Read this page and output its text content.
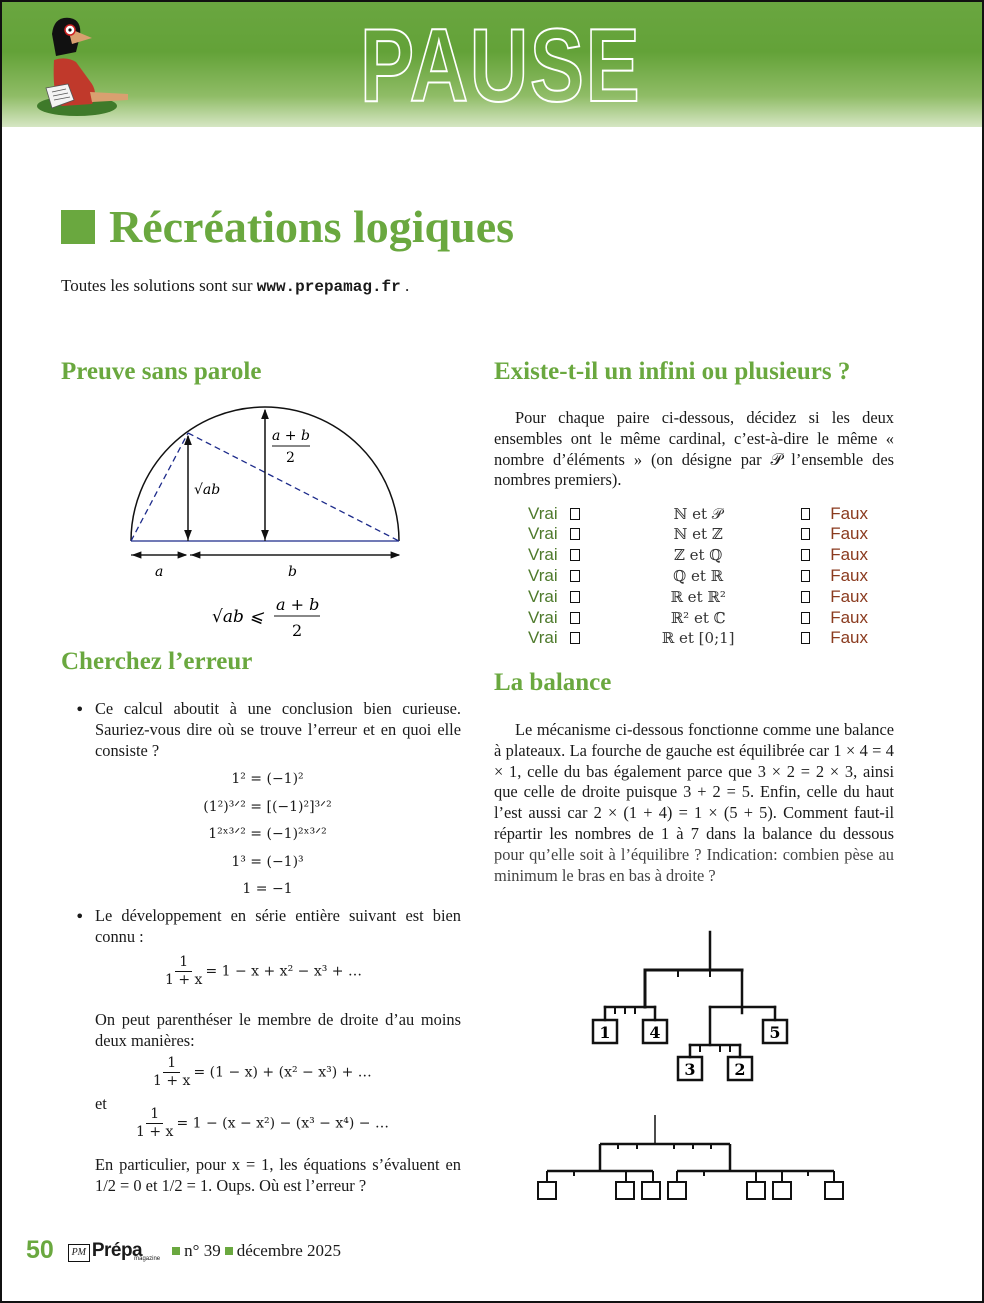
PAUSE
Récréations logiques
Toutes les solutions sont sur www.prepamag.fr .
Preuve sans parole
a + b
2
√ab
a	b
√ab ⩽
a + b
2
Cherchez l’erreur
• Ce calcul aboutit à une conclusion bien curieuse. Sauriez-vous dire où se trouve l’erreur et en quoi elle consiste ?
1² = (−1)²
(1²)³ᐟ² = [(−1)²]³ᐟ²
1²ˣ³ᐟ² = (−1)²ˣ³ᐟ²
1³ = (−1)³
1 = −1
• Le développement en série entière suivant est bien connu :
$\frac{1}{1 + x} = 1 - x + x^2 - x^3$ + …
On peut parenthéser le membre de droite d’au moins deux manières:
$\frac{1}{1 + x} = (1 - x) + (x^2 - x^3)$ + …
et
$\frac{1}{1 + x} = 1 - (x - x^2) - (x^3 - x^4)$ − …
En particulier, pour x = 1, les équations s’évaluent en 1/2 = 0 et 1/2 = 1. Oups. Où est l’erreur ?
Existe-t-il un infini ou plusieurs ?
Pour chaque paire ci-dessous, décidez si les deux ensembles ont le même cardinal, c’est-à-dire le même « nombre d’éléments » (on désigne par 𝒫 l’ensemble des nombres premiers).
Vrai	ℕ et 𝒫	Faux
Vrai	ℕ et ℤ	Faux
Vrai	ℤ et ℚ	Faux
Vrai	ℚ et ℝ	Faux
Vrai	ℝ et ℝ²	Faux
Vrai	ℝ² et ℂ	Faux
Vrai	ℝ et [0;1]	Faux
La balance
Le mécanisme ci-dessous fonctionne comme une balance à plateaux. La fourche de gauche est équilibrée car 1 × 4 = 4 × 1, celle du bas également parce que 3 × 2 = 2 × 3, ainsi que celle de droite puisque 3 + 2 = 5. Enfin, celle du haut l’est aussi car 2 × (1 + 4) = 1 × (5 + 5). Comment faut-il répartir les nombres de 1 à 7 dans la balance du dessous pour qu’elle soit à l’équilibre ? Indication: combien pèse au minimum le bras en bas à droite ?
1 4	5
3 2
50	PM Prépa
magazine n° 39 décembre 2025
